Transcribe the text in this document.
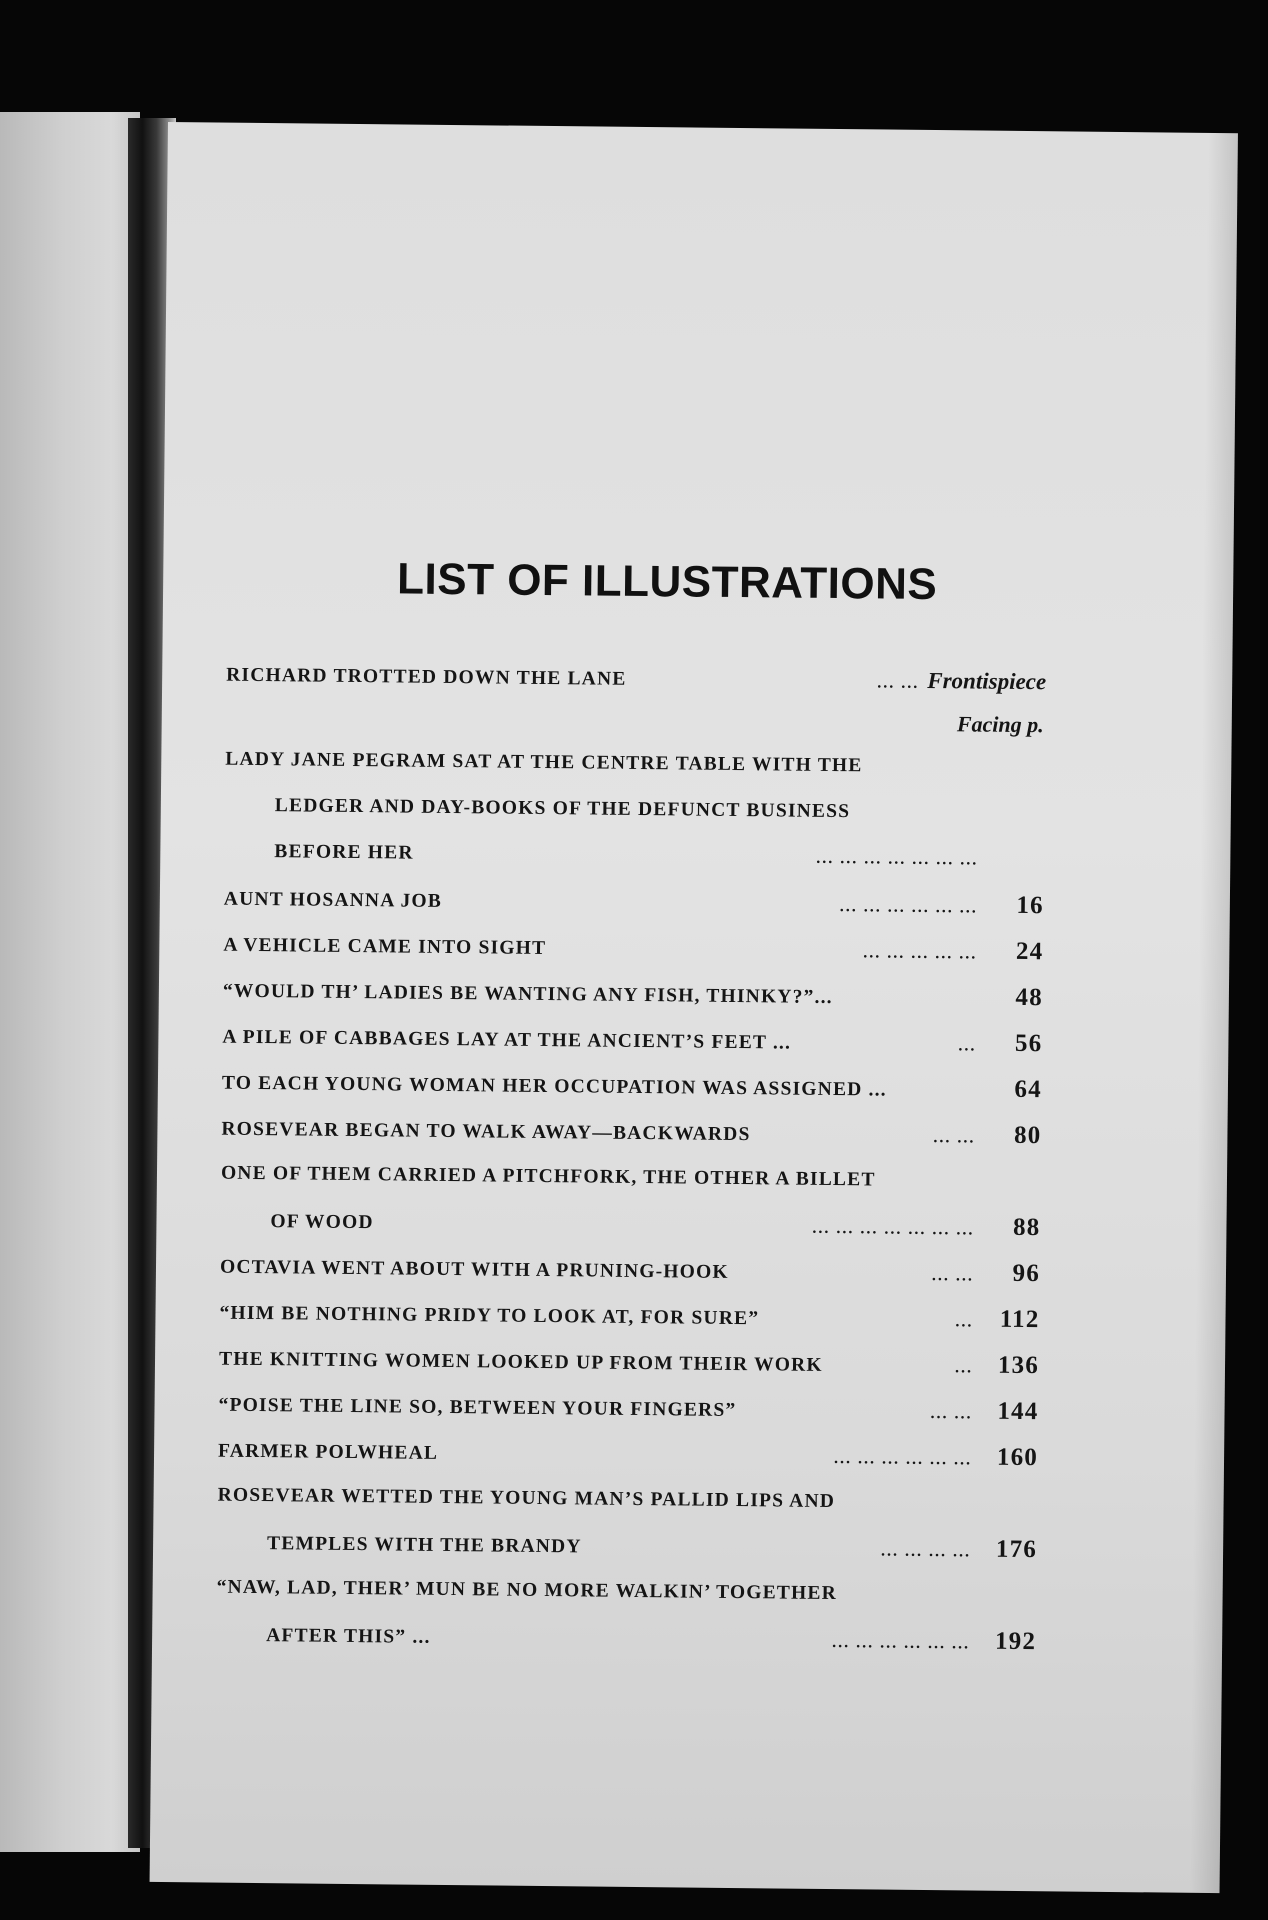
LIST OF ILLUSTRATIONS
RICHARD TROTTED DOWN THE LANE	... ... Frontispiece
Facing p.
LADY JANE PEGRAM SAT AT THE CENTRE TABLE WITH THE
LEDGER AND DAY-BOOKS OF THE DEFUNCT BUSINESS
BEFORE HER	... ... ... ... ... ... ...
AUNT HOSANNA JOB	... ... ... ... ... ...	16
A VEHICLE CAME INTO SIGHT	... ... ... ... ...	24
“WOULD TH’ LADIES BE WANTING ANY FISH, THINKY?”...	48
A PILE OF CABBAGES LAY AT THE ANCIENT’S FEET ...	...	56
TO EACH YOUNG WOMAN HER OCCUPATION WAS ASSIGNED ...	64
ROSEVEAR BEGAN TO WALK AWAY—BACKWARDS	... ...	80
ONE OF THEM CARRIED A PITCHFORK, THE OTHER A BILLET
OF WOOD	... ... ... ... ... ... ...	88
OCTAVIA WENT ABOUT WITH A PRUNING-HOOK	... ...	96
“HIM BE NOTHING PRIDY TO LOOK AT, FOR SURE”	...	112
THE KNITTING WOMEN LOOKED UP FROM THEIR WORK	... 136
“POISE THE LINE SO, BETWEEN YOUR FINGERS”	... ... 144
FARMER POLWHEAL	... ... ... ... ... ... 160
ROSEVEAR WETTED THE YOUNG MAN’S PALLID LIPS AND
TEMPLES WITH THE BRANDY	... ... ... ... 176
“NAW, LAD, THER’ MUN BE NO MORE WALKIN’ TOGETHER
AFTER THIS” ...	... ... ... ... ... ... 192
